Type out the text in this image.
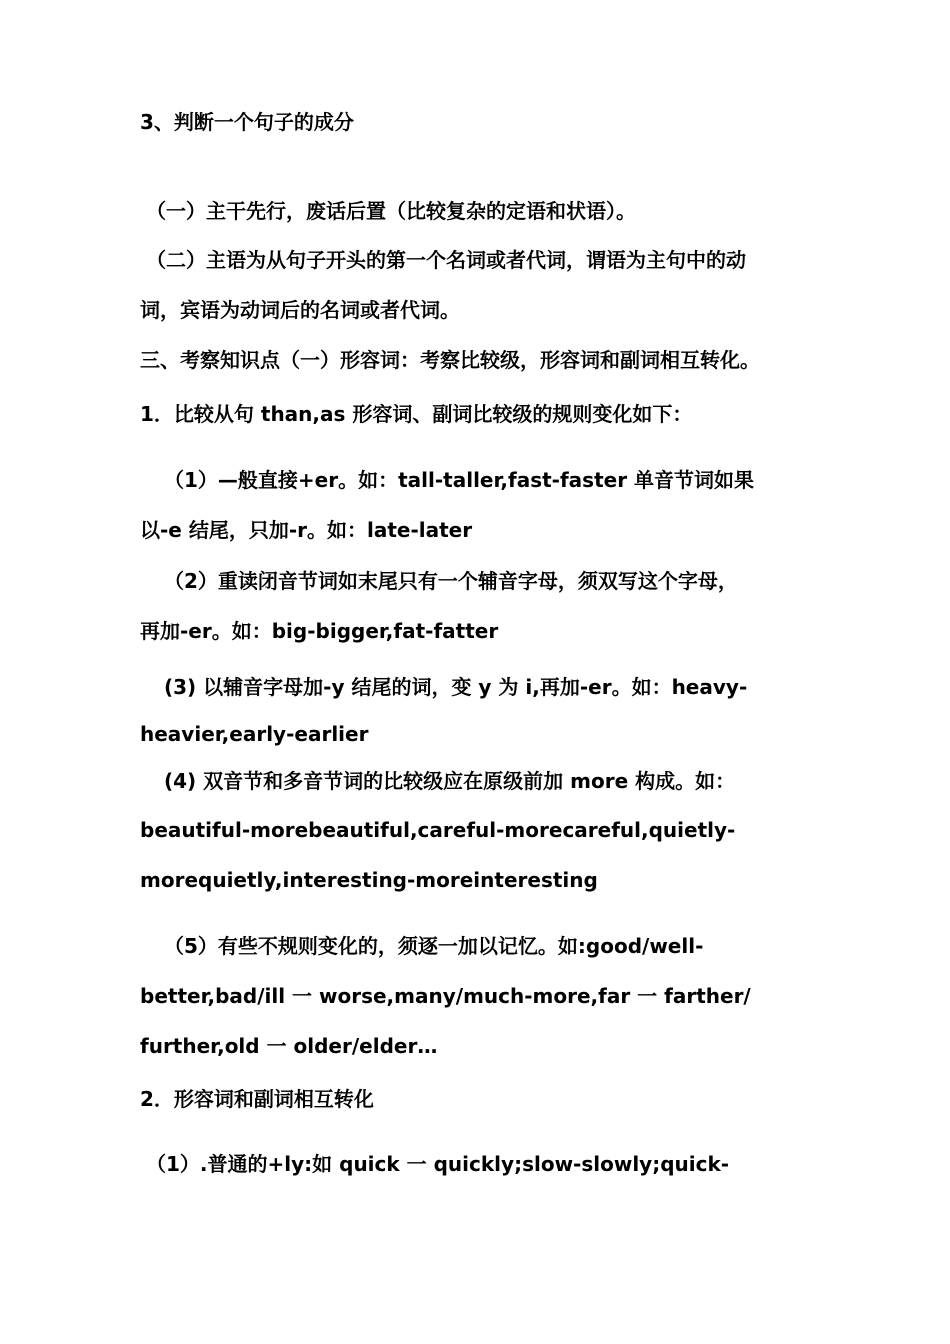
3、判断一个句子的成分
（一）主干先行，废话后置（比较复杂的定语和状语）。
（二）主语为从句子开头的第一个名词或者代词，谓语为主句中的动
词，宾语为动词后的名词或者代词。
三、考察知识点（一）形容词：考察比较级，形容词和副词相互转化。
1．比较从句 than,as 形容词、副词比较级的规则变化如下：
（1）—般直接+er。如：tall-taller,fast-faster 单音节词如果
以-e 结尾，只加-r。如：late-later
（2）重读闭音节词如末尾只有一个辅音字母，须双写这个字母，
再加-er。如：big-bigger,fat-fatter
(3) 以辅音字母加-y 结尾的词，变 y 为 i,再加-er。如：heavy-
heavier,early-earlier
(4) 双音节和多音节词的比较级应在原级前加 more 构成。如：
beautiful-morebeautiful,careful-morecareful,quietly-
morequietly,interesting-moreinteresting
（5）有些不规则变化的，须逐一加以记忆。如:good/well-
better,bad/ill 一 worse,many/much-more,far 一 farther/
further,old 一 older/elder…
2．形容词和副词相互转化
（1）.普通的+ly:如 quick 一 quickly;slow-slowly;quick-
